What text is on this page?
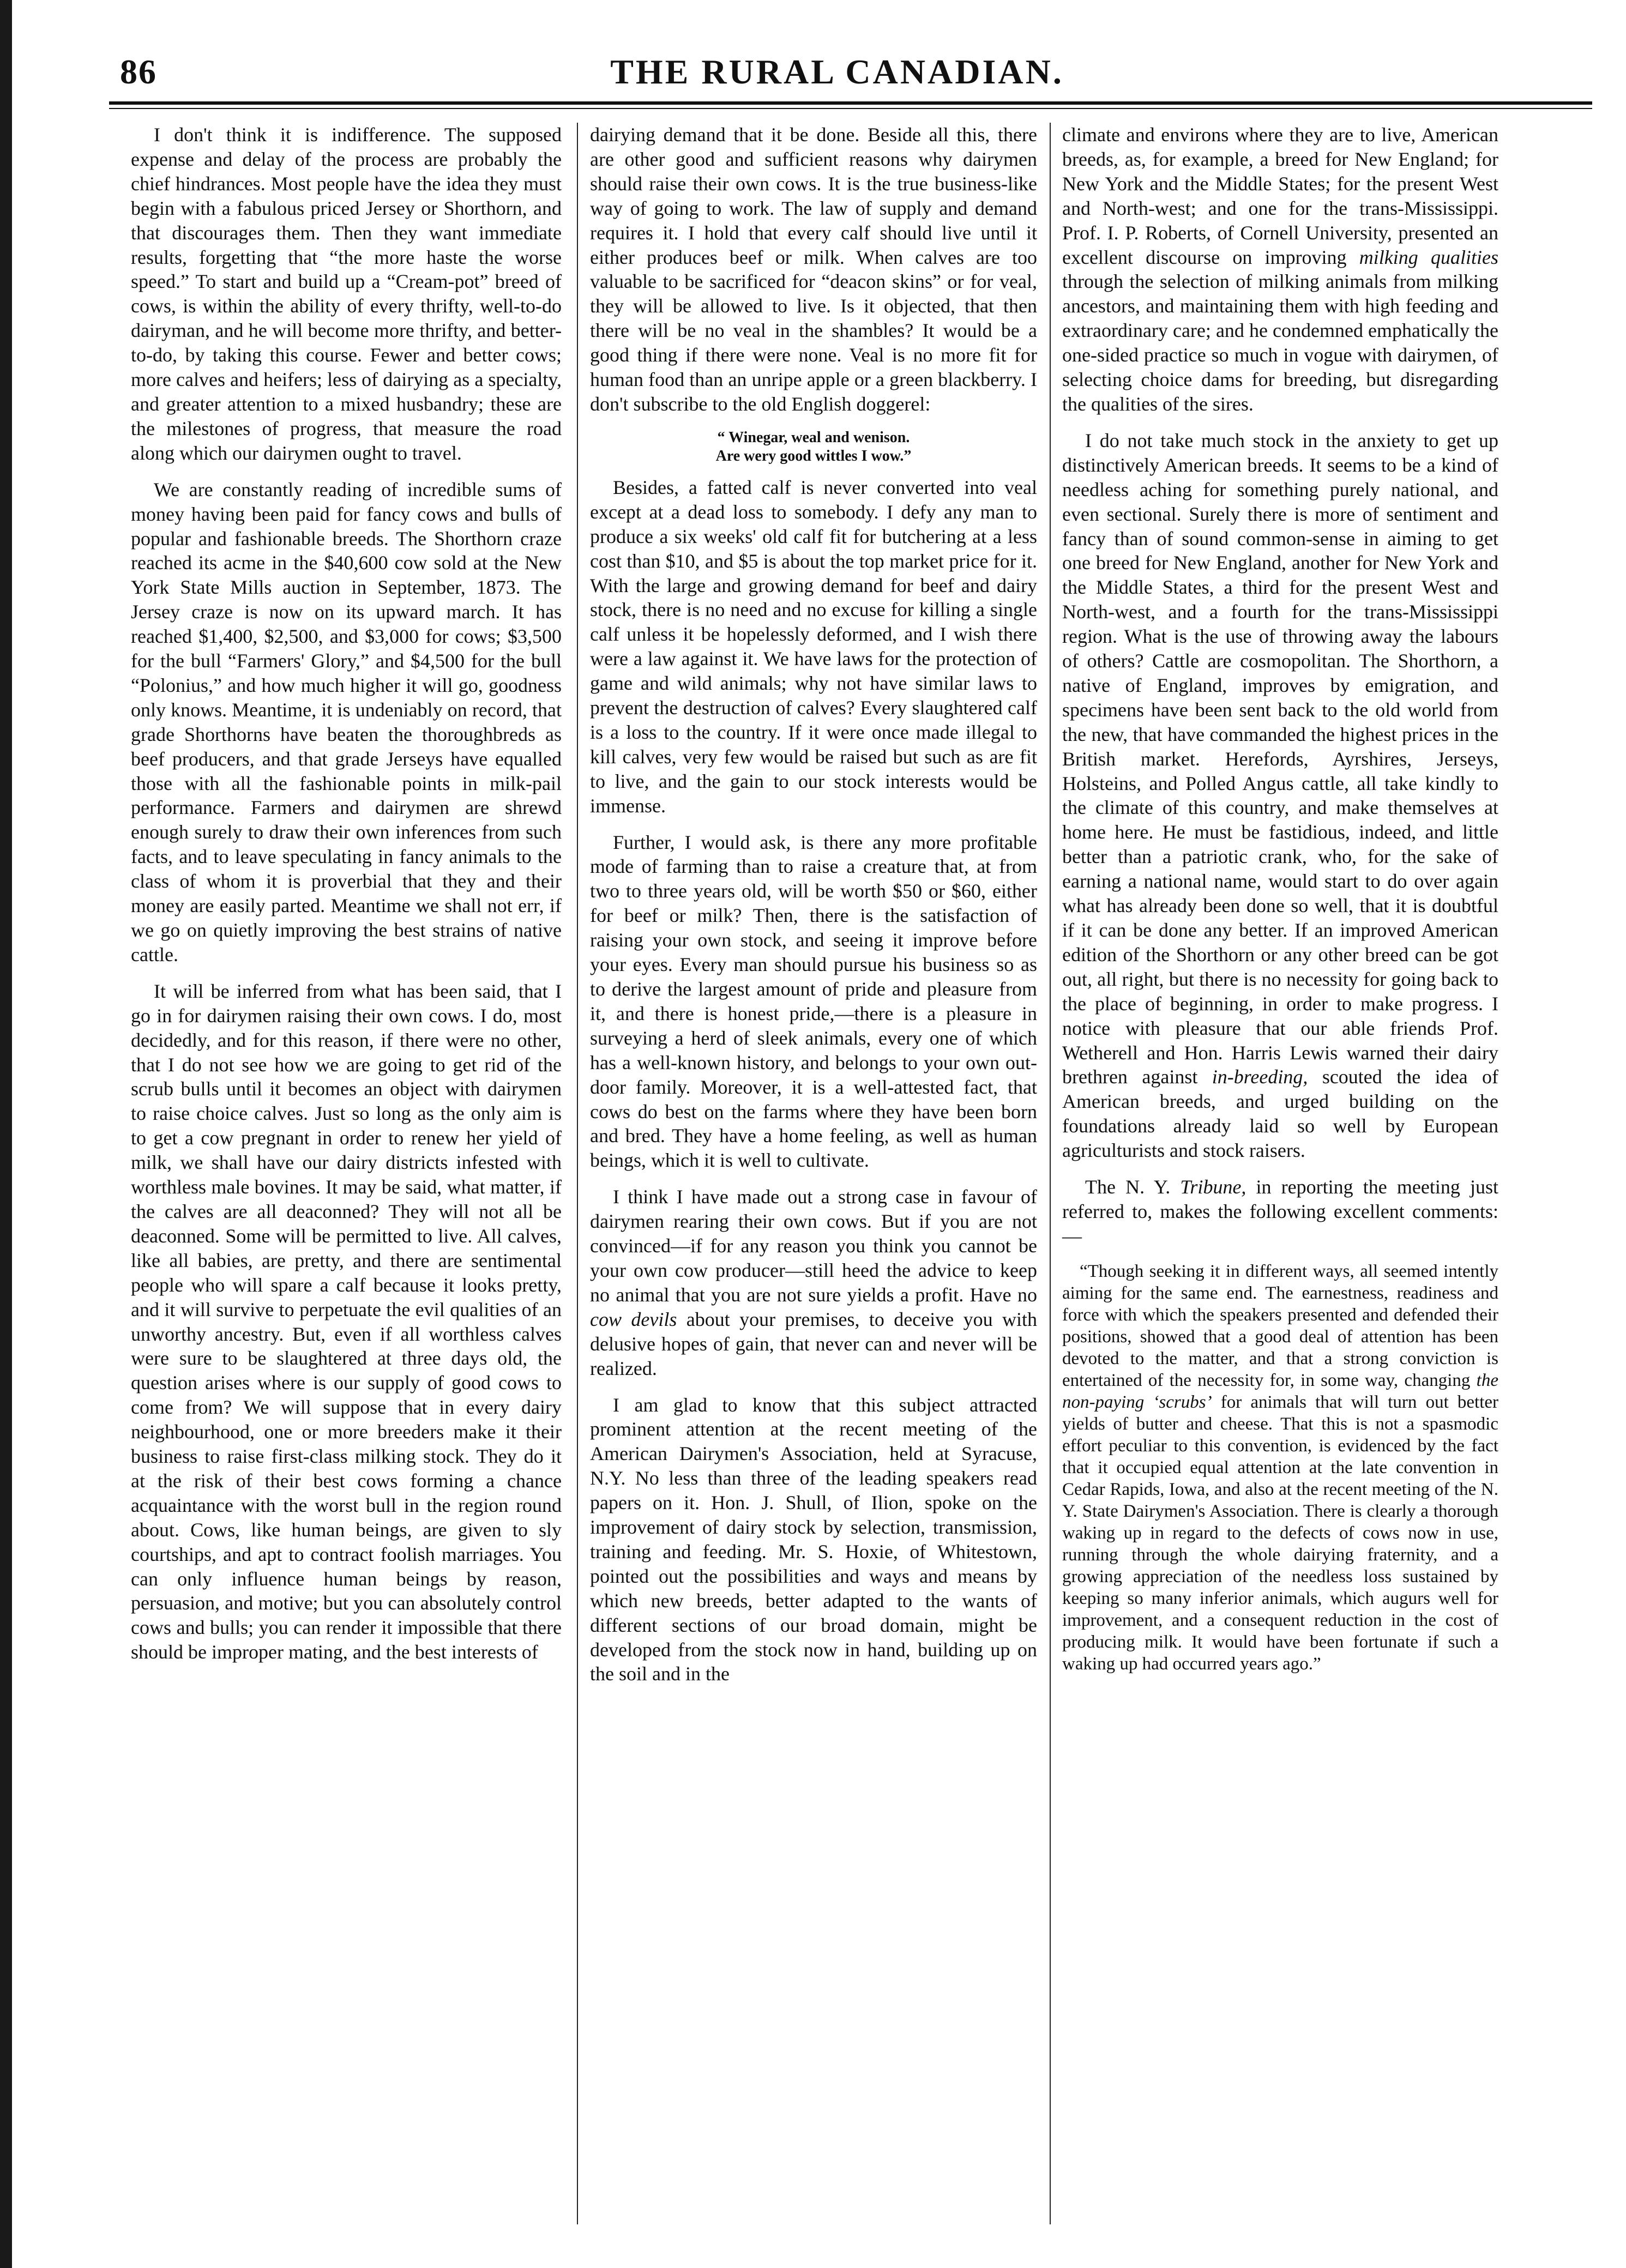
86	THE RURAL CANADIAN.

I don't think it is indifference. The supposed expense and delay of the process are probably the chief hindrances. Most people have the idea they must begin with a fabulous priced Jersey or Shorthorn, and that discourages them. Then they want immediate results, forgetting that “the more haste the worse speed.” To start and build up a “Cream-pot” breed of cows, is within the ability of every thrifty, well-to-do dairyman, and he will become more thrifty, and better-to-do, by taking this course. Fewer and better cows; more calves and heifers; less of dairying as a specialty, and greater attention to a mixed husbandry; these are the milestones of progress, that measure the road along which our dairymen ought to travel.

We are constantly reading of incredible sums of money having been paid for fancy cows and bulls of popular and fashionable breeds. The Shorthorn craze reached its acme in the $40,600 cow sold at the New York State Mills auction in September, 1873. The Jersey craze is now on its upward march. It has reached $1,400, $2,500, and $3,000 for cows; $3,500 for the bull “Farmers' Glory,” and $4,500 for the bull “Polonius,” and how much higher it will go, goodness only knows. Meantime, it is undeniably on record, that grade Shorthorns have beaten the thoroughbreds as beef producers, and that grade Jerseys have equalled those with all the fashionable points in milk-pail performance. Farmers and dairymen are shrewd enough surely to draw their own inferences from such facts, and to leave speculating in fancy animals to the class of whom it is proverbial that they and their money are easily parted. Meantime we shall not err, if we go on quietly improving the best strains of native cattle.

It will be inferred from what has been said, that I go in for dairymen raising their own cows. I do, most decidedly, and for this reason, if there were no other, that I do not see how we are going to get rid of the scrub bulls until it becomes an object with dairymen to raise choice calves. Just so long as the only aim is to get a cow pregnant in order to renew her yield of milk, we shall have our dairy districts infested with worthless male bovines. It may be said, what matter, if the calves are all deaconned? They will not all be deaconned. Some will be permitted to live. All calves, like all babies, are pretty, and there are sentimental people who will spare a calf because it looks pretty, and it will survive to perpetuate the evil qualities of an unworthy ancestry. But, even if all worthless calves were sure to be slaughtered at three days old, the question arises where is our supply of good cows to come from? We will suppose that in every dairy neighbourhood, one or more breeders make it their business to raise first-class milking stock. They do it at the risk of their best cows forming a chance acquaintance with the worst bull in the region round about. Cows, like human beings, are given to sly courtships, and apt to contract foolish marriages. You can only influence human beings by reason, persuasion, and motive; but you can absolutely control cows and bulls; you can render it impossible that there should be improper mating, and the best interests of

dairying demand that it be done. Beside all this, there are other good and sufficient reasons why dairymen should raise their own cows. It is the true business-like way of going to work. The law of supply and demand requires it. I hold that every calf should live until it either produces beef or milk. When calves are too valuable to be sacrificed for “deacon skins” or for veal, they will be allowed to live. Is it objected, that then there will be no veal in the shambles? It would be a good thing if there were none. Veal is no more fit for human food than an unripe apple or a green blackberry. I don't subscribe to the old English doggerel:

“ Winegar, weal and wenison.
Are wery good wittles I wow.”

Besides, a fatted calf is never converted into veal except at a dead loss to somebody. I defy any man to produce a six weeks' old calf fit for butchering at a less cost than $10, and $5 is about the top market price for it. With the large and growing demand for beef and dairy stock, there is no need and no excuse for killing a single calf unless it be hopelessly deformed, and I wish there were a law against it. We have laws for the protection of game and wild animals; why not have similar laws to prevent the destruction of calves? Every slaughtered calf is a loss to the country. If it were once made illegal to kill calves, very few would be raised but such as are fit to live, and the gain to our stock interests would be immense.

Further, I would ask, is there any more profitable mode of farming than to raise a creature that, at from two to three years old, will be worth $50 or $60, either for beef or milk? Then, there is the satisfaction of raising your own stock, and seeing it improve before your eyes. Every man should pursue his business so as to derive the largest amount of pride and pleasure from it, and there is honest pride,—there is a pleasure in surveying a herd of sleek animals, every one of which has a well-known history, and belongs to your own out-door family. Moreover, it is a well-attested fact, that cows do best on the farms where they have been born and bred. They have a home feeling, as well as human beings, which it is well to cultivate.

I think I have made out a strong case in favour of dairymen rearing their own cows. But if you are not convinced—if for any reason you think you cannot be your own cow producer—still heed the advice to keep no animal that you are not sure yields a profit. Have no cow devils about your premises, to deceive you with delusive hopes of gain, that never can and never will be realized.

I am glad to know that this subject attracted prominent attention at the recent meeting of the American Dairymen's Association, held at Syracuse, N.Y. No less than three of the leading speakers read papers on it. Hon. J. Shull, of Ilion, spoke on the improvement of dairy stock by selection, transmission, training and feeding. Mr. S. Hoxie, of Whitestown, pointed out the possibilities and ways and means by which new breeds, better adapted to the wants of different sections of our broad domain, might be developed from the stock now in hand, building up on the soil and in the

climate and environs where they are to live, American breeds, as, for example, a breed for New England; for New York and the Middle States; for the present West and North-west; and one for the trans-Mississippi. Prof. I. P. Roberts, of Cornell University, presented an excellent discourse on improving milking qualities through the selection of milking animals from milking ancestors, and maintaining them with high feeding and extraordinary care; and he condemned emphatically the one-sided practice so much in vogue with dairymen, of selecting choice dams for breeding, but disregarding the qualities of the sires.

I do not take much stock in the anxiety to get up distinctively American breeds. It seems to be a kind of needless aching for something purely national, and even sectional. Surely there is more of sentiment and fancy than of sound common-sense in aiming to get one breed for New England, another for New York and the Middle States, a third for the present West and North-west, and a fourth for the trans-Mississippi region. What is the use of throwing away the labours of others? Cattle are cosmopolitan. The Shorthorn, a native of England, improves by emigration, and specimens have been sent back to the old world from the new, that have commanded the highest prices in the British market. Herefords, Ayrshires, Jerseys, Holsteins, and Polled Angus cattle, all take kindly to the climate of this country, and make themselves at home here. He must be fastidious, indeed, and little better than a patriotic crank, who, for the sake of earning a national name, would start to do over again what has already been done so well, that it is doubtful if it can be done any better. If an improved American edition of the Shorthorn or any other breed can be got out, all right, but there is no necessity for going back to the place of beginning, in order to make progress. I notice with pleasure that our able friends Prof. Wetherell and Hon. Harris Lewis warned their dairy brethren against in-breeding, scouted the idea of American breeds, and urged building on the foundations already laid so well by European agriculturists and stock raisers.

The N. Y. Tribune, in reporting the meeting just referred to, makes the following excellent comments:—

“Though seeking it in different ways, all seemed intently aiming for the same end. The earnestness, readiness and force with which the speakers presented and defended their positions, showed that a good deal of attention has been devoted to the matter, and that a strong conviction is entertained of the necessity for, in some way, changing the non-paying ‘scrubs’ for animals that will turn out better yields of butter and cheese. That this is not a spasmodic effort peculiar to this convention, is evidenced by the fact that it occupied equal attention at the late convention in Cedar Rapids, Iowa, and also at the recent meeting of the N. Y. State Dairymen's Association. There is clearly a thorough waking up in regard to the defects of cows now in use, running through the whole dairying fraternity, and a growing appreciation of the needless loss sustained by keeping so many inferior animals, which augurs well for improvement, and a consequent reduction in the cost of producing milk. It would have been fortunate if such a waking up had occurred years ago.”
